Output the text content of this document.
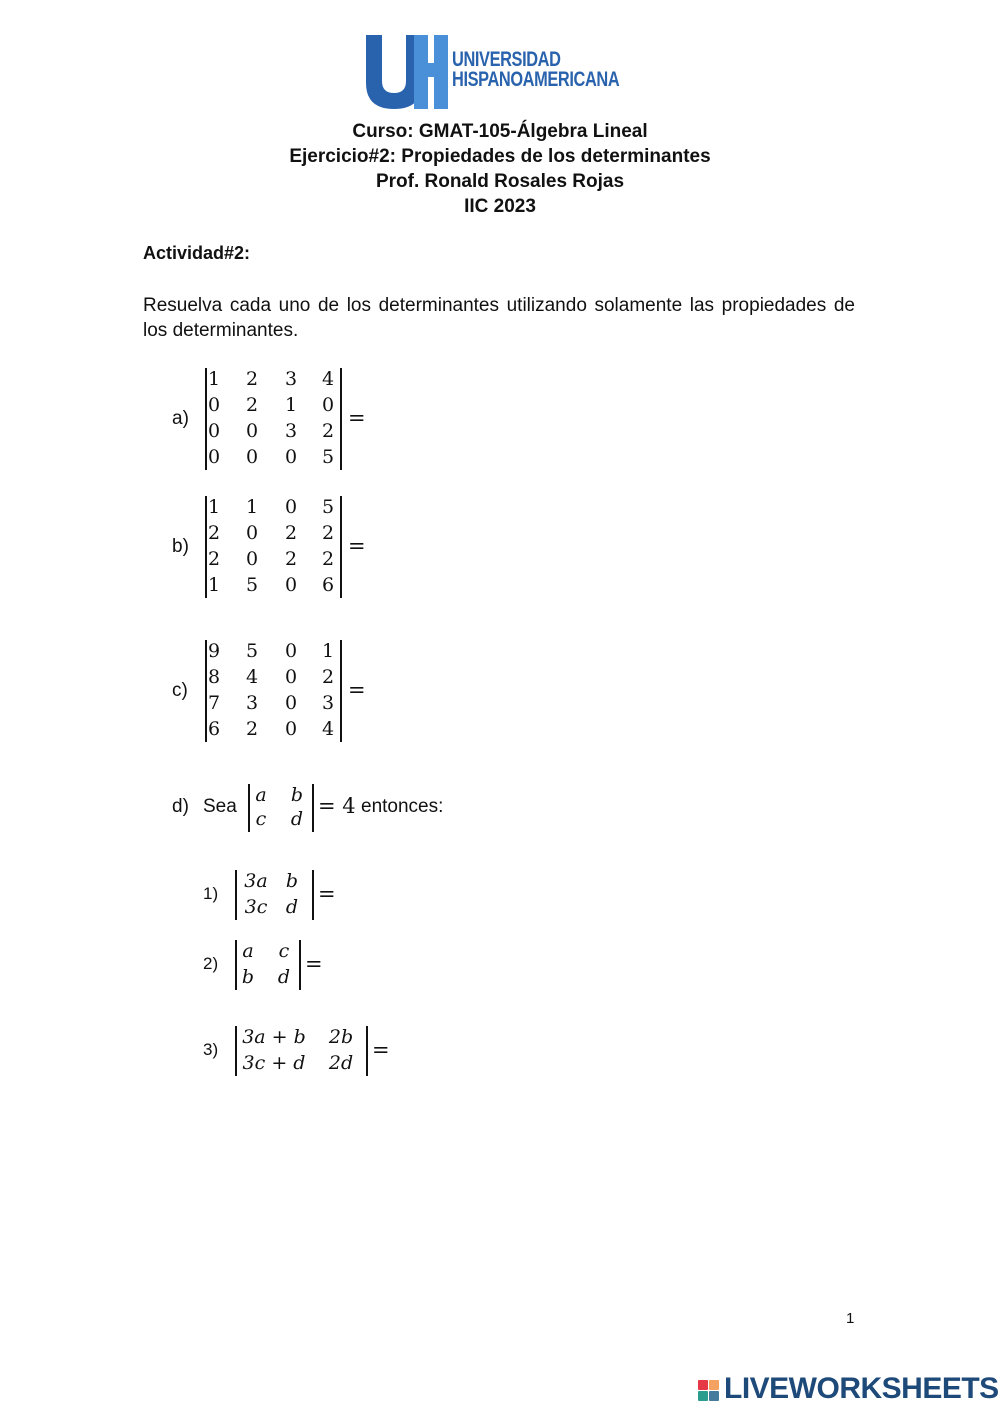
UNIVERSIDAD
HISPANOAMERICANA
Curso: GMAT-105-Álgebra Lineal
Ejercicio#2: Propiedades de los determinantes
Prof. Ronald Rosales Rojas
IIC 2023
Actividad#2:
Resuelva cada uno de los determinantes utilizando solamente las propiedades de los determinantes.
a)
1	2	3	4
0	2	1	0
0	0	3	2
0	0	0	5
=
b)
1	1	0	5
2	0	2	2
2	0	2	2
1	5	0	6
=
c)
9	5	0	1
8	4	0	2
7	3	0	3
6	2	0	4
=
d) Sea
a	b
c	d
= 4 entonces:
1)
3a b
3c d
=
2)
a	c
b	d
=
3)
3a + b	2b
3c + d	2d
=
1
LIVEWORKSHEETS
